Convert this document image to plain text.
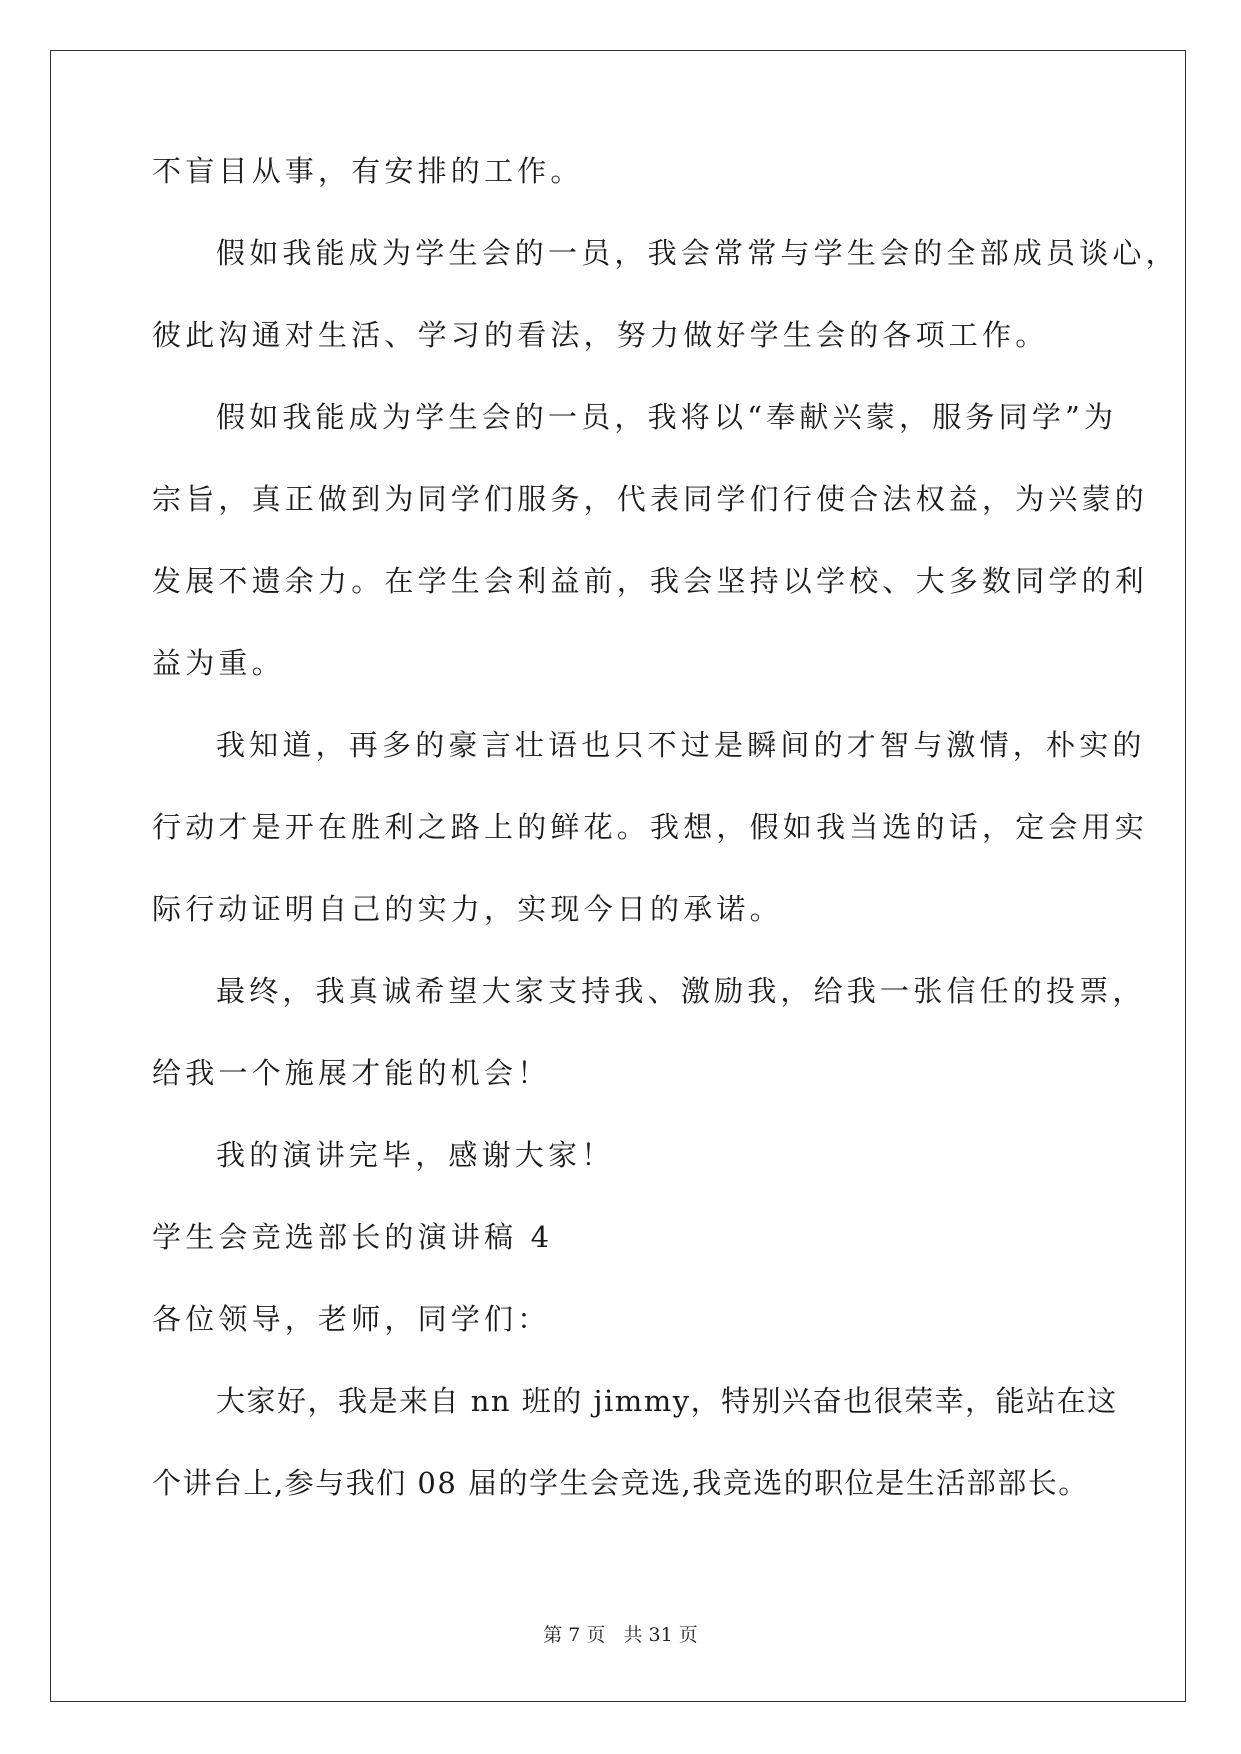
不盲目从事，有安排的工作。
假如我能成为学生会的一员，我会常常与学生会的全部成员谈心，
彼此沟通对生活、学习的看法，努力做好学生会的各项工作。
假如我能成为学生会的一员，我将以“奉献兴蒙，服务同学”为
宗旨，真正做到为同学们服务，代表同学们行使合法权益，为兴蒙的
发展不遗余力。在学生会利益前，我会坚持以学校、大多数同学的利
益为重。
我知道，再多的豪言壮语也只不过是瞬间的才智与激情，朴实的
行动才是开在胜利之路上的鲜花。我想，假如我当选的话，定会用实
际行动证明自己的实力，实现今日的承诺。
最终，我真诚希望大家支持我、激励我，给我一张信任的投票，
给我一个施展才能的机会！
我的演讲完毕，感谢大家！
学生会竞选部长的演讲稿 4
各位领导，老师，同学们：
大家好，我是来自 nn 班的 jimmy，特别兴奋也很荣幸，能站在这
个讲台上,参与我们 08 届的学生会竞选,我竞选的职位是生活部部长。
第 7 页 共 31 页
